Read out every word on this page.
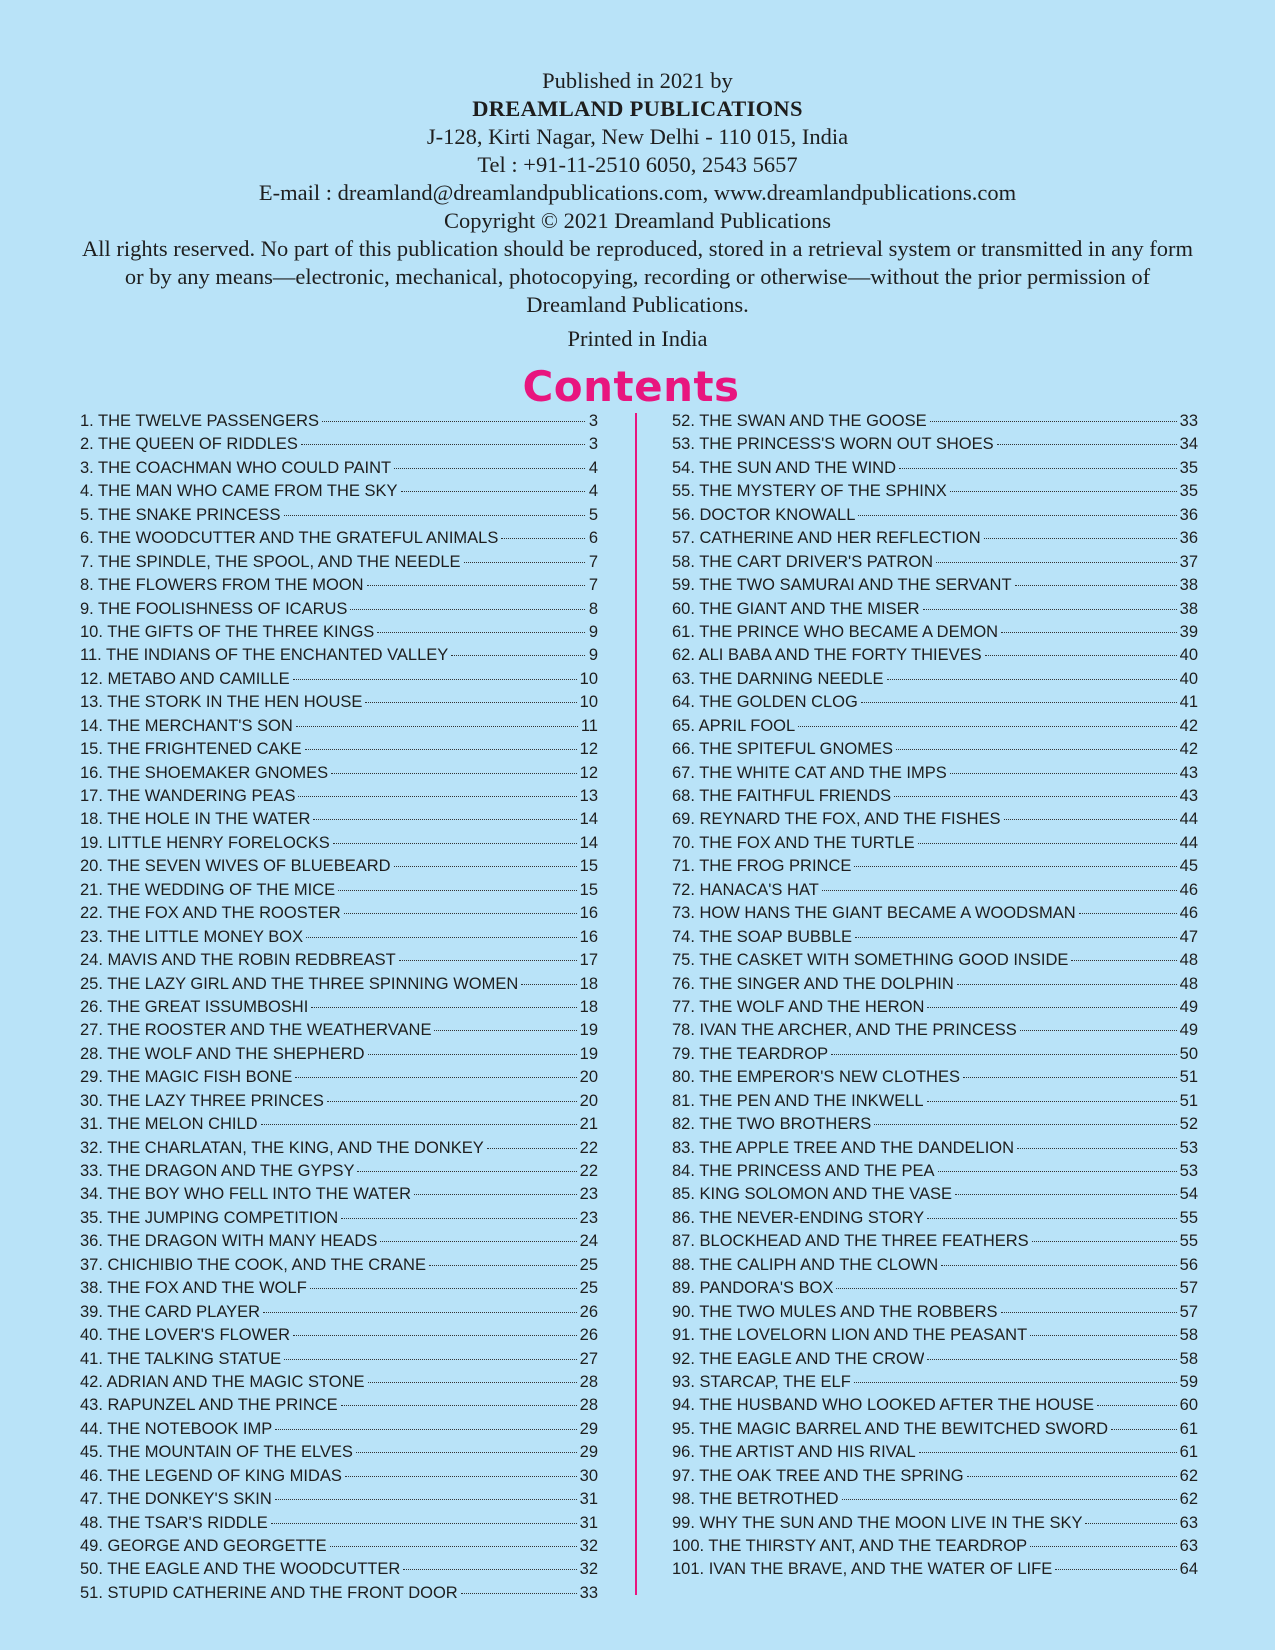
Published in 2021 by
DREAMLAND PUBLICATIONS
J-128, Kirti Nagar, New Delhi - 110 015, India
Tel : +91-11-2510 6050, 2543 5657
E-mail : dreamland@dreamlandpublications.com, www.dreamlandpublications.com
Copyright © 2021 Dreamland Publications
All rights reserved. No part of this publication should be reproduced, stored in a retrieval system or transmitted in any form or by any means—electronic, mechanical, photocopying, recording or otherwise—without the prior permission of Dreamland Publications.
Printed in India
Contents
1. THE TWELVE PASSENGERS	3
2. THE QUEEN OF RIDDLES	3
3. THE COACHMAN WHO COULD PAINT	4
4. THE MAN WHO CAME FROM THE SKY	4
5. THE SNAKE PRINCESS	5
6. THE WOODCUTTER AND THE GRATEFUL ANIMALS	6
7. THE SPINDLE, THE SPOOL, AND THE NEEDLE	7
8. THE FLOWERS FROM THE MOON	7
9. THE FOOLISHNESS OF ICARUS	8
10. THE GIFTS OF THE THREE KINGS	9
11. THE INDIANS OF THE ENCHANTED VALLEY	9
12. METABO AND CAMILLE	10
13. THE STORK IN THE HEN HOUSE	10
14. THE MERCHANT'S SON	11
15. THE FRIGHTENED CAKE	12
16. THE SHOEMAKER GNOMES	12
17. THE WANDERING PEAS	13
18. THE HOLE IN THE WATER	14
19. LITTLE HENRY FORELOCKS	14
20. THE SEVEN WIVES OF BLUEBEARD	15
21. THE WEDDING OF THE MICE	15
22. THE FOX AND THE ROOSTER	16
23. THE LITTLE MONEY BOX	16
24. MAVIS AND THE ROBIN REDBREAST	17
25. THE LAZY GIRL AND THE THREE SPINNING WOMEN	18
26. THE GREAT ISSUMBOSHI	18
27. THE ROOSTER AND THE WEATHERVANE	19
28. THE WOLF AND THE SHEPHERD	19
29. THE MAGIC FISH BONE	20
30. THE LAZY THREE PRINCES	20
31. THE MELON CHILD	21
32. THE CHARLATAN, THE KING, AND THE DONKEY	22
33. THE DRAGON AND THE GYPSY	22
34. THE BOY WHO FELL INTO THE WATER	23
35. THE JUMPING COMPETITION	23
36. THE DRAGON WITH MANY HEADS	24
37. CHICHIBIO THE COOK, AND THE CRANE	25
38. THE FOX AND THE WOLF	25
39. THE CARD PLAYER	26
40. THE LOVER'S FLOWER	26
41. THE TALKING STATUE	27
42. ADRIAN AND THE MAGIC STONE	28
43. RAPUNZEL AND THE PRINCE	28
44. THE NOTEBOOK IMP	29
45. THE MOUNTAIN OF THE ELVES	29
46. THE LEGEND OF KING MIDAS	30
47. THE DONKEY'S SKIN	31
48. THE TSAR'S RIDDLE	31
49. GEORGE AND GEORGETTE	32
50. THE EAGLE AND THE WOODCUTTER	32
51. STUPID CATHERINE AND THE FRONT DOOR	33
52. THE SWAN AND THE GOOSE	33
53. THE PRINCESS'S WORN OUT SHOES	34
54. THE SUN AND THE WIND	35
55. THE MYSTERY OF THE SPHINX	35
56. DOCTOR KNOWALL	36
57. CATHERINE AND HER REFLECTION	36
58. THE CART DRIVER'S PATRON	37
59. THE TWO SAMURAI AND THE SERVANT	38
60. THE GIANT AND THE MISER	38
61. THE PRINCE WHO BECAME A DEMON	39
62. ALI BABA AND THE FORTY THIEVES	40
63. THE DARNING NEEDLE	40
64. THE GOLDEN CLOG	41
65. APRIL FOOL	42
66. THE SPITEFUL GNOMES	42
67. THE WHITE CAT AND THE IMPS	43
68. THE FAITHFUL FRIENDS	43
69. REYNARD THE FOX, AND THE FISHES	44
70. THE FOX AND THE TURTLE	44
71. THE FROG PRINCE	45
72. HANACA'S HAT	46
73. HOW HANS THE GIANT BECAME A WOODSMAN	46
74. THE SOAP BUBBLE	47
75. THE CASKET WITH SOMETHING GOOD INSIDE	48
76. THE SINGER AND THE DOLPHIN	48
77. THE WOLF AND THE HERON	49
78. IVAN THE ARCHER, AND THE PRINCESS	49
79. THE TEARDROP	50
80. THE EMPEROR'S NEW CLOTHES	51
81. THE PEN AND THE INKWELL	51
82. THE TWO BROTHERS	52
83. THE APPLE TREE AND THE DANDELION	53
84. THE PRINCESS AND THE PEA	53
85. KING SOLOMON AND THE VASE	54
86. THE NEVER-ENDING STORY	55
87. BLOCKHEAD AND THE THREE FEATHERS	55
88. THE CALIPH AND THE CLOWN	56
89. PANDORA'S BOX	57
90. THE TWO MULES AND THE ROBBERS	57
91. THE LOVELORN LION AND THE PEASANT	58
92. THE EAGLE AND THE CROW	58
93. STARCAP, THE ELF	59
94. THE HUSBAND WHO LOOKED AFTER THE HOUSE	60
95. THE MAGIC BARREL AND THE BEWITCHED SWORD	61
96. THE ARTIST AND HIS RIVAL	61
97. THE OAK TREE AND THE SPRING	62
98. THE BETROTHED	62
99. WHY THE SUN AND THE MOON LIVE IN THE SKY	63
100. THE THIRSTY ANT, AND THE TEARDROP	63
101. IVAN THE BRAVE, AND THE WATER OF LIFE	64
